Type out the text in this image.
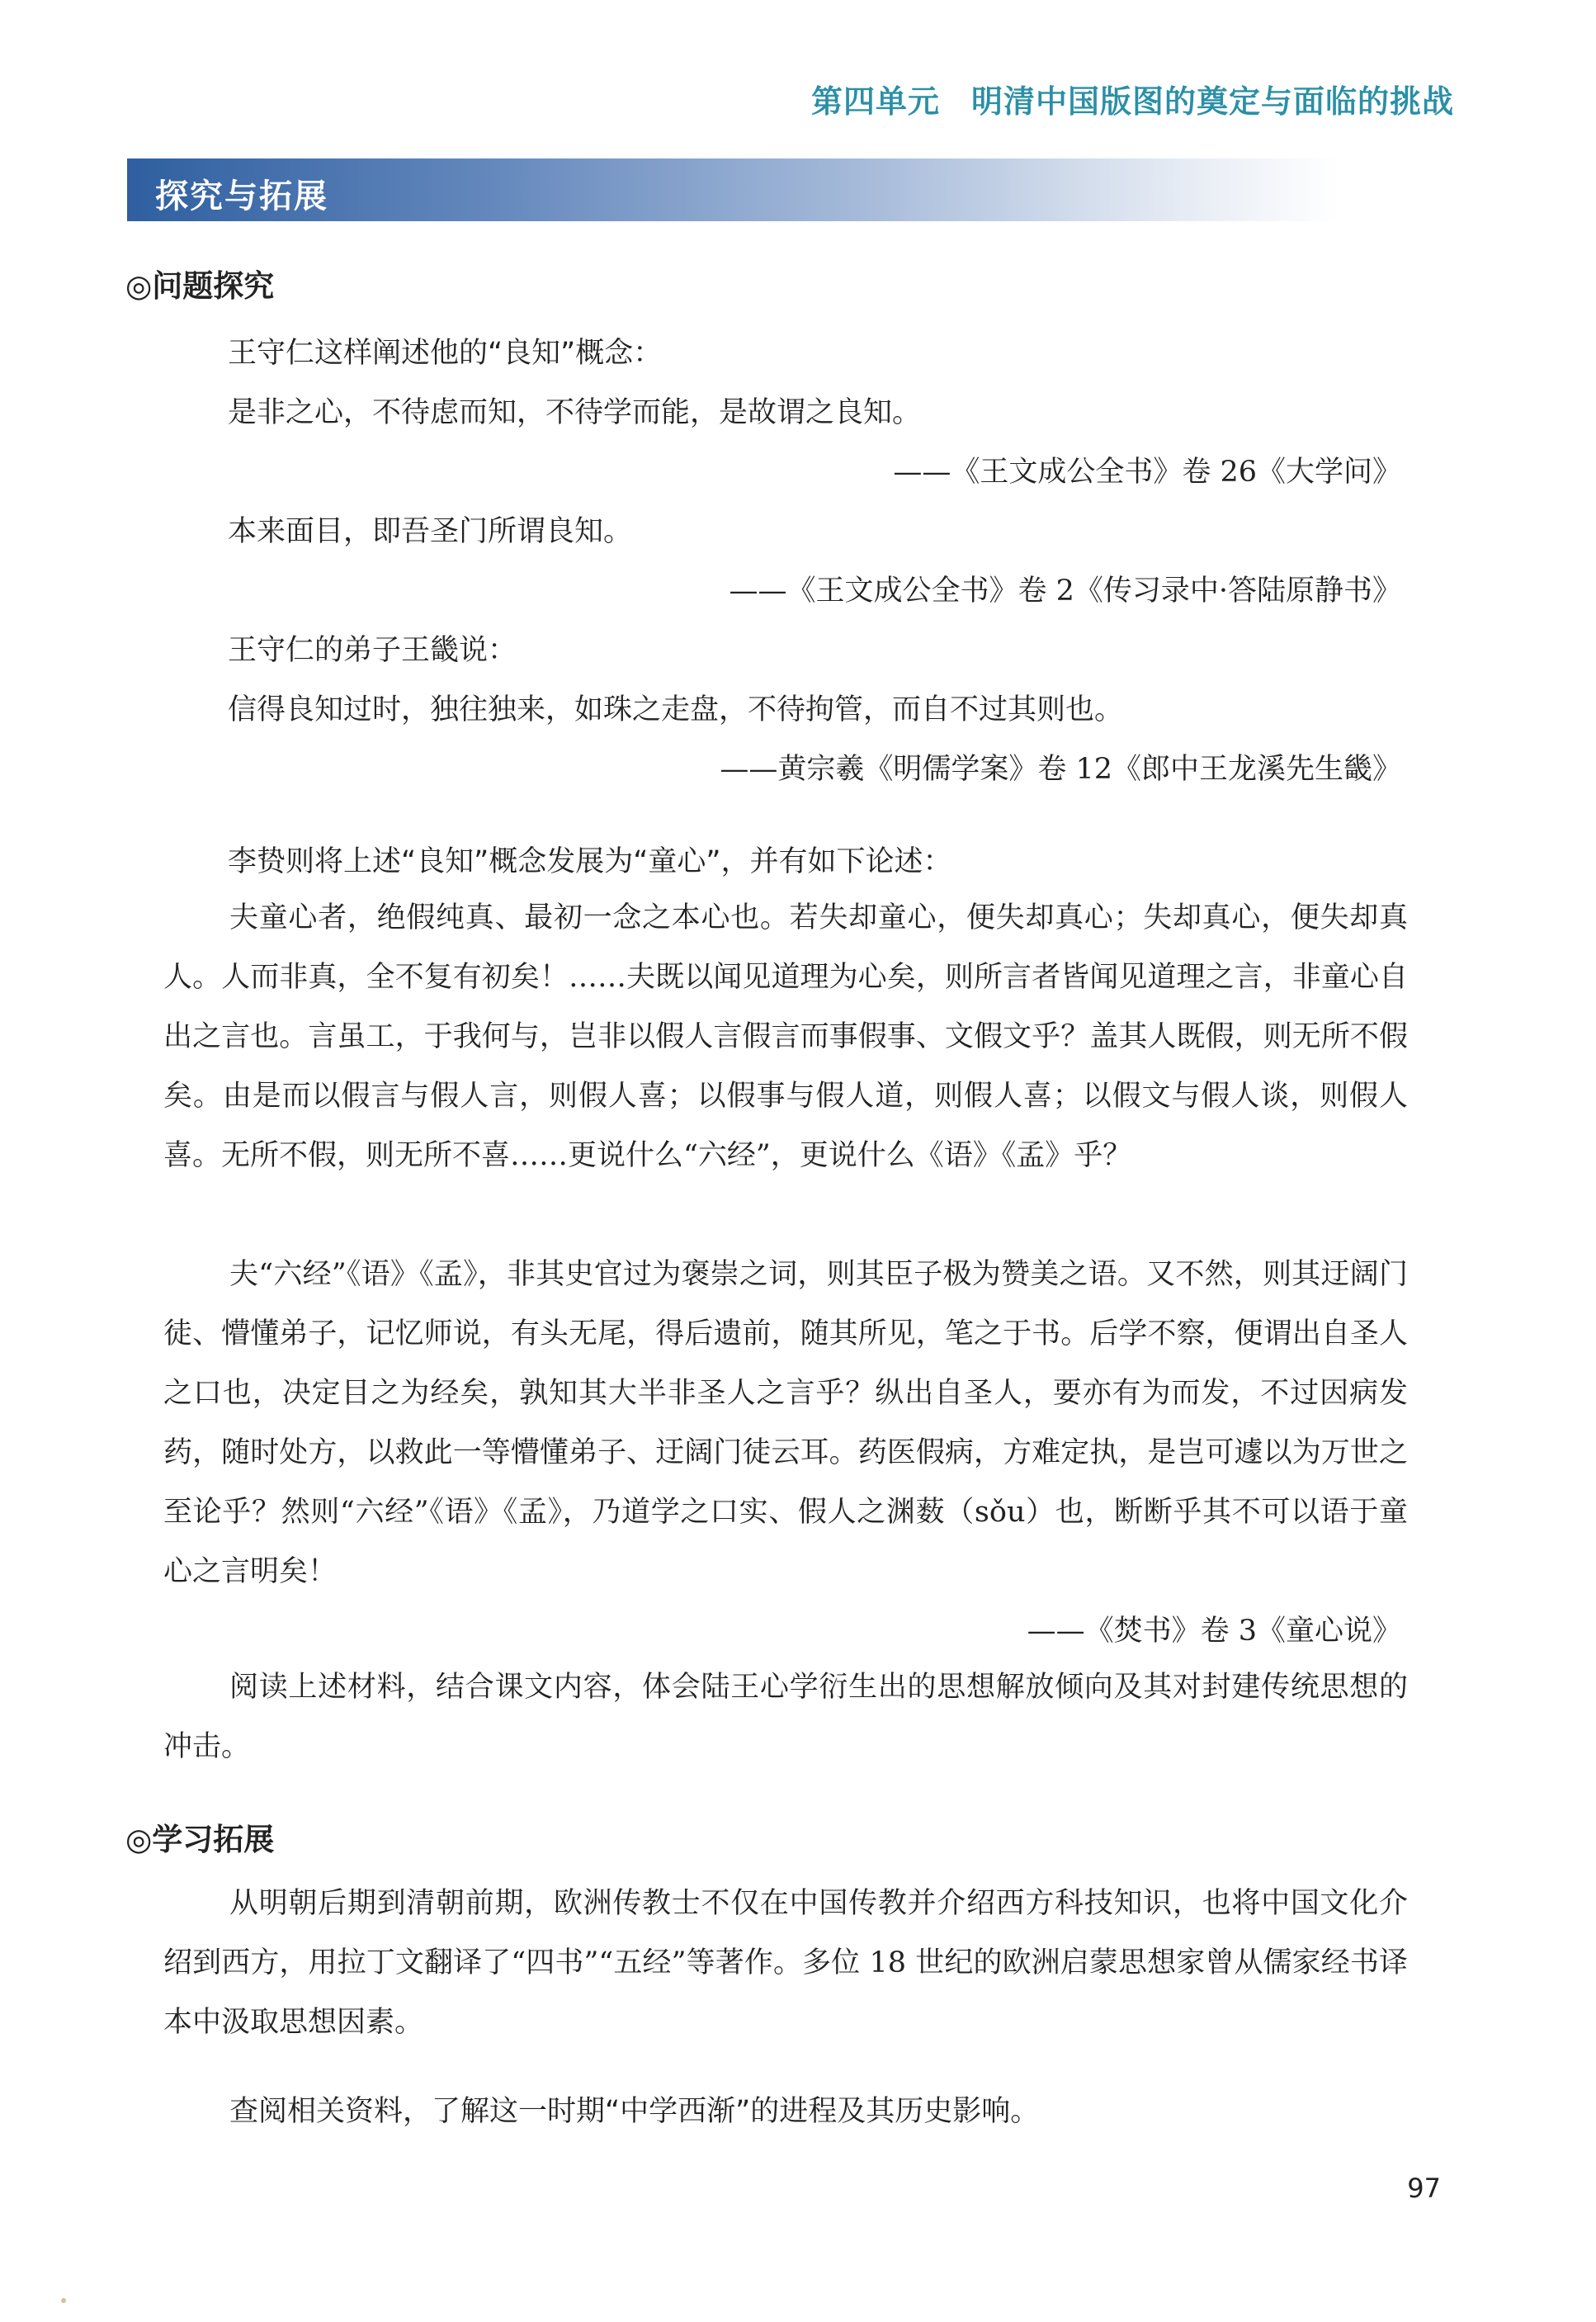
第四单元 明清中国版图的奠定与面临的挑战
探究与拓展
◎问题探究
王守仁这样阐述他的“良知”概念：
是非之心，不待虑而知，不待学而能，是故谓之良知。
——《王文成公全书》卷 26《大学问》
本来面目，即吾圣门所谓良知。
——《王文成公全书》卷 2《传习录中·答陆原静书》
王守仁的弟子王畿说：
信得良知过时，独往独来，如珠之走盘，不待拘管，而自不过其则也。
——黄宗羲《明儒学案》卷 12《郎中王龙溪先生畿》
李贽则将上述“良知”概念发展为“童心”，并有如下论述：
夫童心者，绝假纯真、最初一念之本心也。若失却童心，便失却真心；失却真心，便失却真人。人而非真，全不复有初矣！……夫既以闻见道理为心矣，则所言者皆闻见道理之言，非童心自出之言也。言虽工，于我何与，岂非以假人言假言而事假事、文假文乎？盖其人既假，则无所不假矣。由是而以假言与假人言，则假人喜；以假事与假人道，则假人喜；以假文与假人谈，则假人喜。无所不假，则无所不喜……更说什么“六经”，更说什么《语》《孟》乎？
夫“六经”《语》《孟》，非其史官过为褒崇之词，则其臣子极为赞美之语。又不然，则其迂阔门徒、懵懂弟子，记忆师说，有头无尾，得后遗前，随其所见，笔之于书。后学不察，便谓出自圣人之口也，决定目之为经矣，孰知其大半非圣人之言乎？纵出自圣人，要亦有为而发，不过因病发药，随时处方，以救此一等懵懂弟子、迂阔门徒云耳。药医假病，方难定执，是岂可遽以为万世之至论乎？然则“六经”《语》《孟》，乃道学之口实、假人之渊薮（sǒu）也，断断乎其不可以语于童心之言明矣！
——《焚书》卷 3《童心说》
阅读上述材料，结合课文内容，体会陆王心学衍生出的思想解放倾向及其对封建传统思想的冲击。
◎学习拓展
从明朝后期到清朝前期，欧洲传教士不仅在中国传教并介绍西方科技知识，也将中国文化介绍到西方，用拉丁文翻译了“四书”“五经”等著作。多位 18 世纪的欧洲启蒙思想家曾从儒家经书译本中汲取思想因素。
查阅相关资料，了解这一时期“中学西渐”的进程及其历史影响。
97
